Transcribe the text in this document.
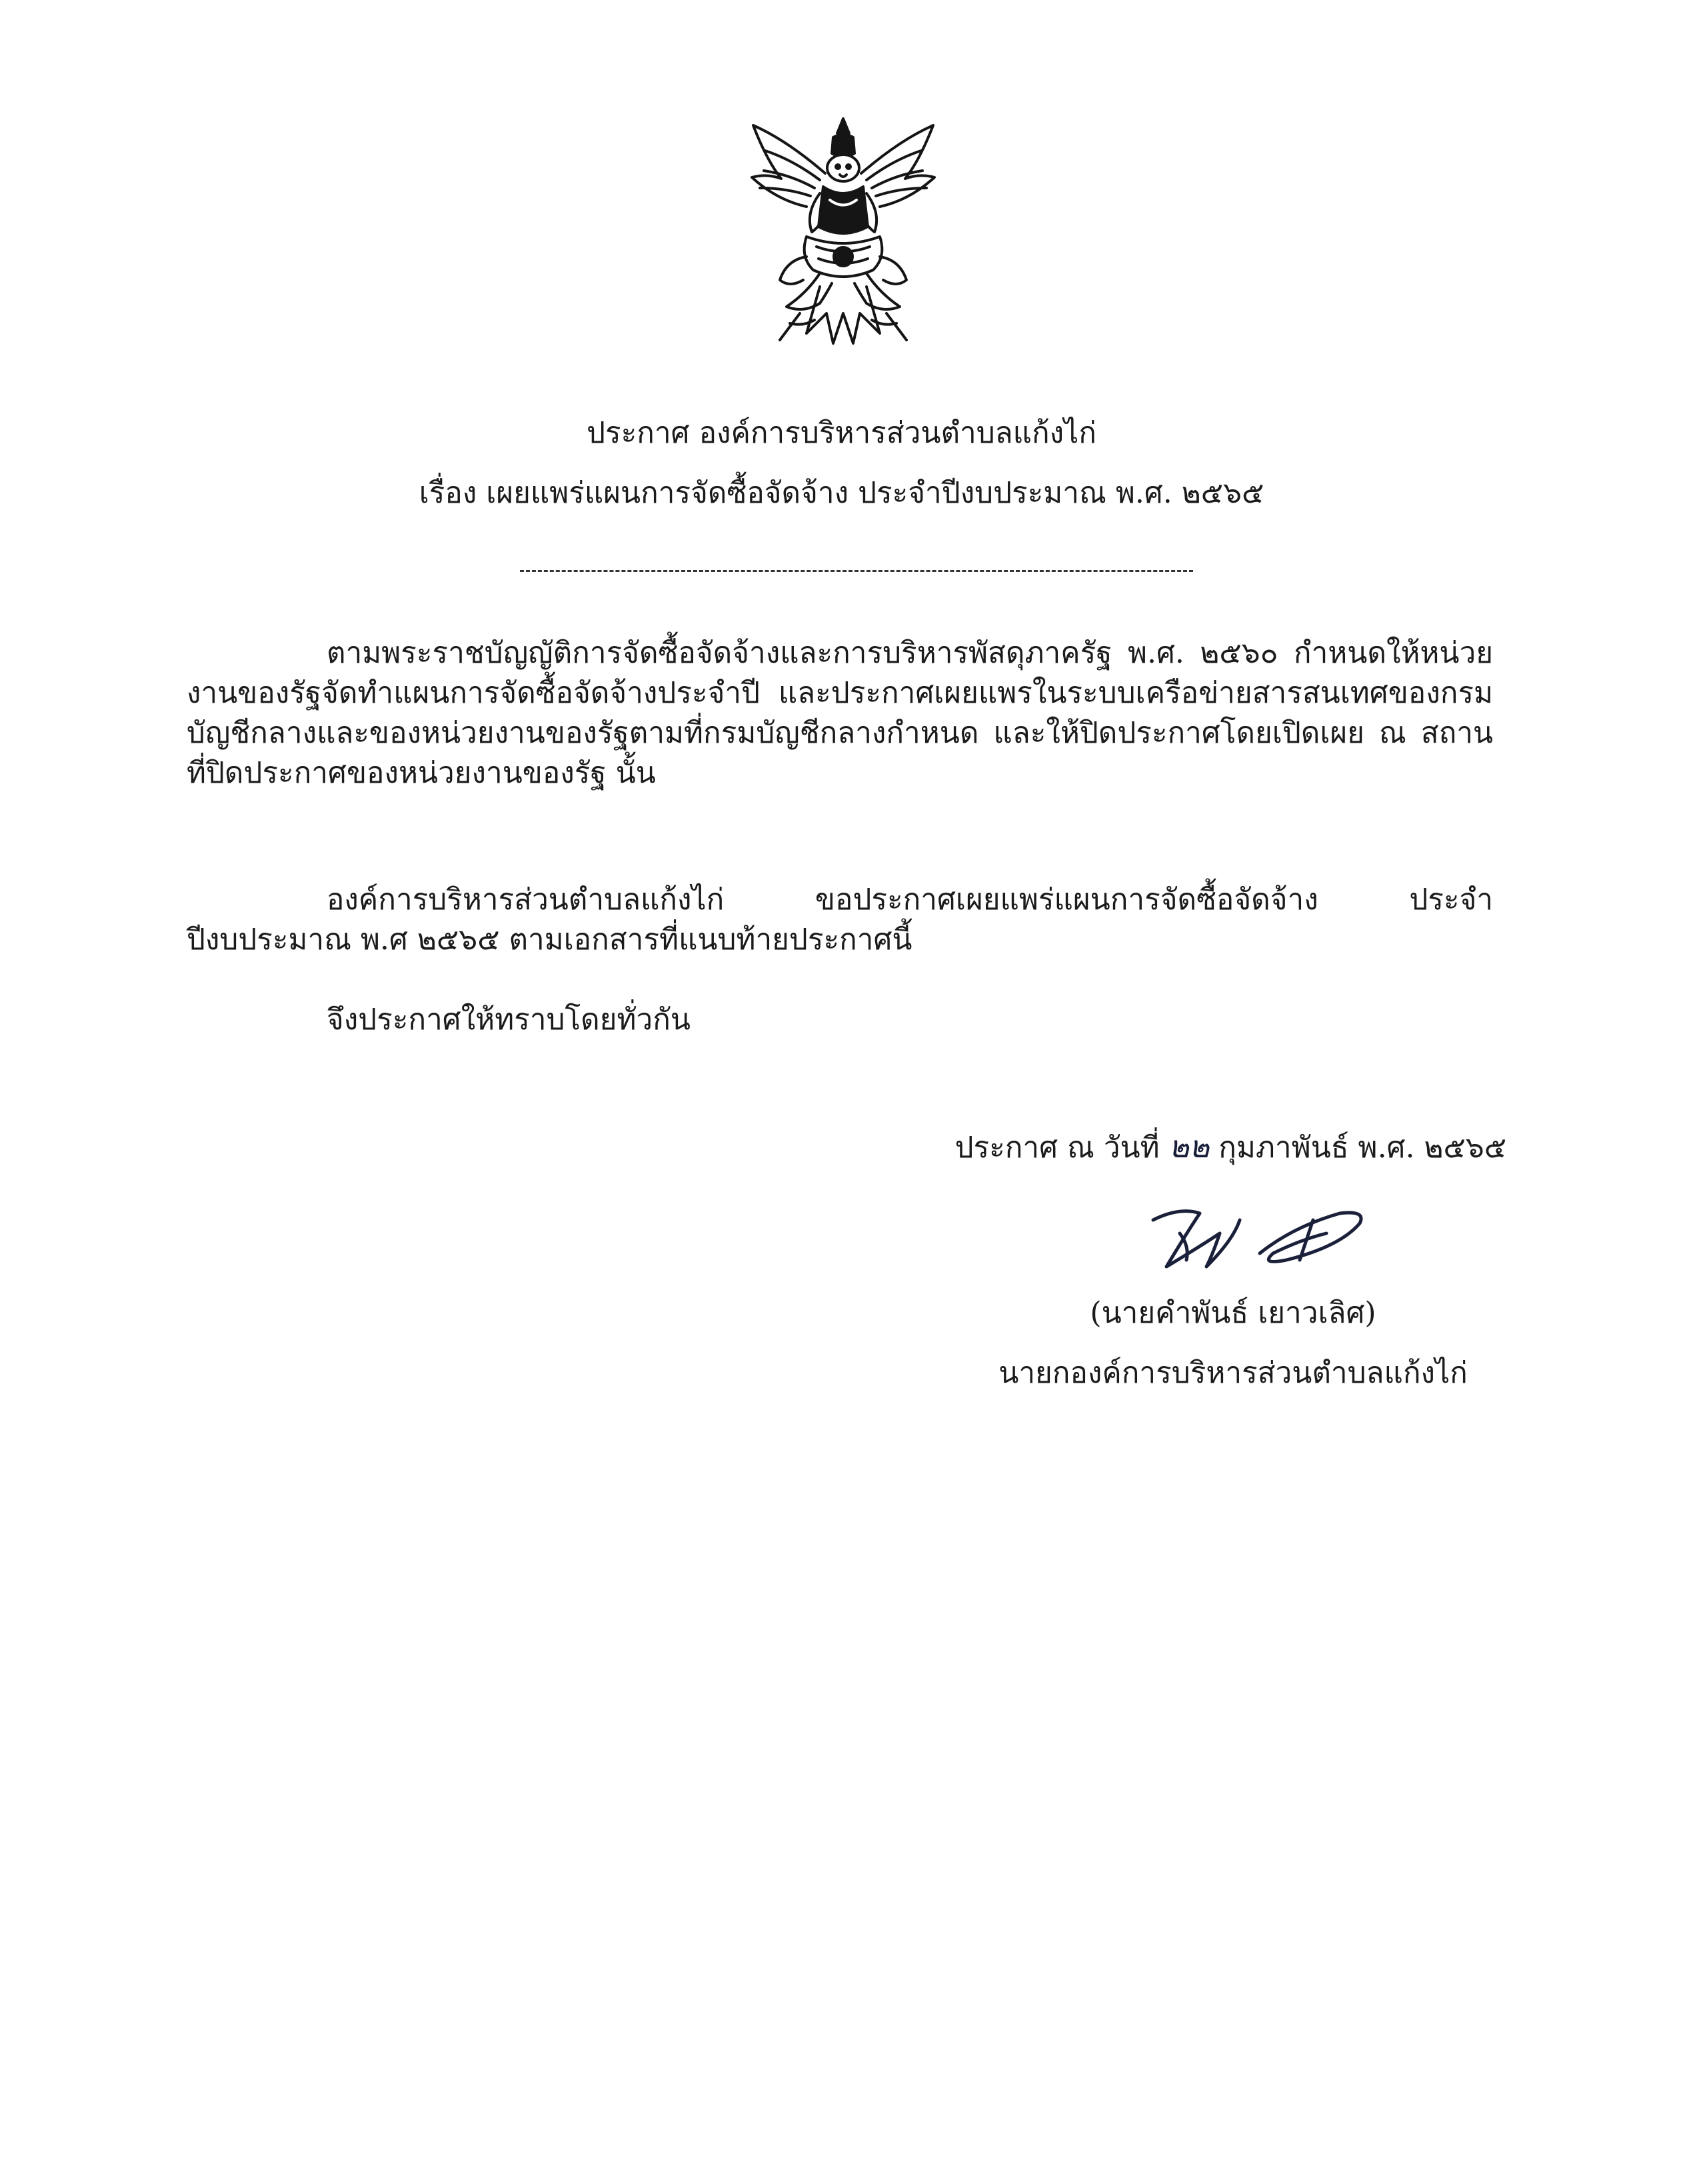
ประกาศ องค์การบริหารส่วนตำบลแก้งไก่
เรื่อง เผยแพร่แผนการจัดซื้อจัดจ้าง ประจำปีงบประมาณ พ.ศ. ๒๕๖๕
ตามพระราชบัญญัติการจัดซื้อจัดจ้างและการบริหารพัสดุภาครัฐ พ.ศ. ๒๕๖๐ กำหนดให้หน่วยงานของรัฐจัดทำแผนการจัดซื้อจัดจ้างประจำปี และประกาศเผยแพรในระบบเครือข่ายสารสนเทศของกรมบัญชีกลางและของหน่วยงานของรัฐตามที่กรมบัญชีกลางกำหนด และให้ปิดประกาศโดยเปิดเผย ณ สถานที่ปิดประกาศของหน่วยงานของรัฐ นั้น
องค์การบริหารส่วนตำบลแก้งไก่ ขอประกาศเผยแพร่แผนการจัดซื้อจัดจ้าง ประจำปีงบประมาณ พ.ศ ๒๕๖๕ ตามเอกสารที่แนบท้ายประกาศนี้
จึงประกาศให้ทราบโดยทั่วกัน
ประกาศ ณ วันที่ ๒๒ กุมภาพันธ์ พ.ศ. ๒๕๖๕
(นายคำพันธ์ เยาวเลิศ)
นายกองค์การบริหารส่วนตำบลแก้งไก่
